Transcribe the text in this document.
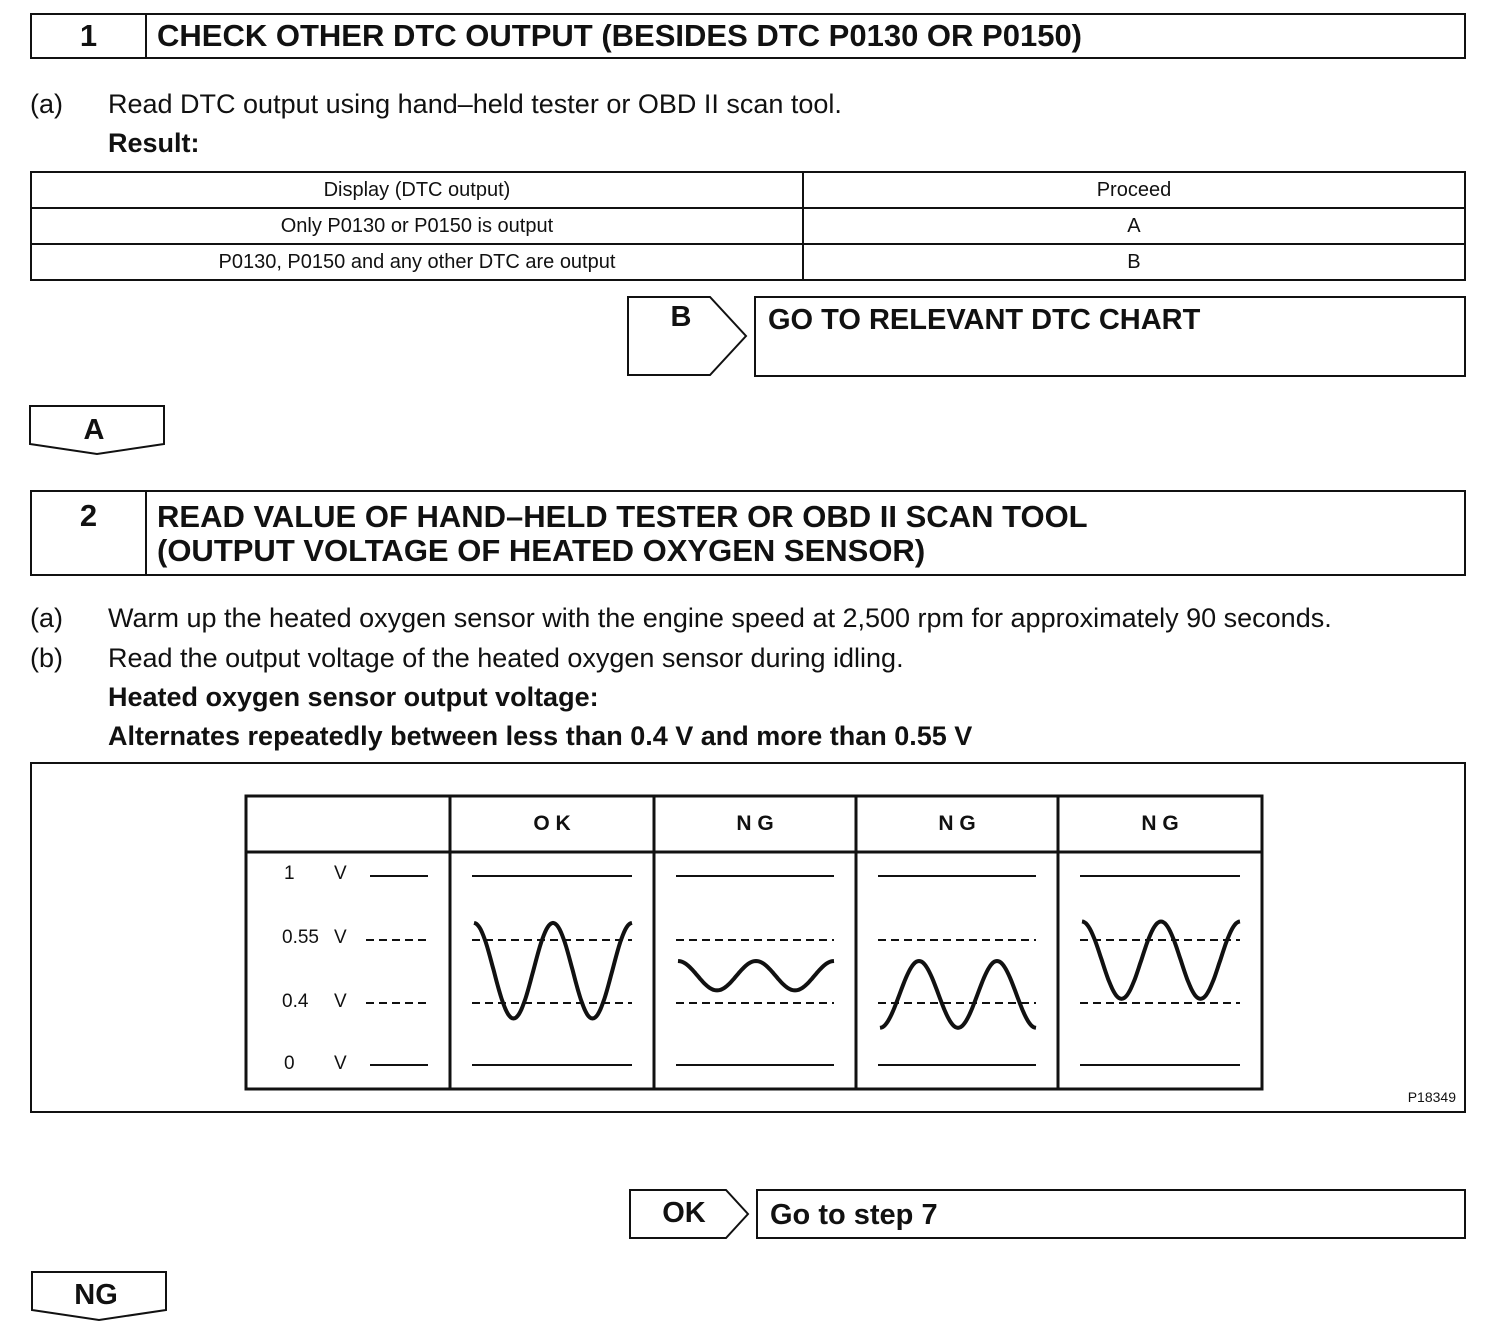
1	CHECK OTHER DTC OUTPUT (BESIDES DTC P0130 OR P0150)
(a) Read DTC output using hand–held tester or OBD II scan tool.
Result:
Display (DTC output)	Proceed
Only P0130 or P0150 is output	A
P0130, P0150 and any other DTC are output	B
B	GO TO RELEVANT DTC CHART
A
2	READ VALUE OF HAND–HELD TESTER OR OBD II SCAN TOOL
(OUTPUT VOLTAGE OF HEATED OXYGEN SENSOR)
(a) Warm up the heated oxygen sensor with the engine speed at 2,500 rpm for approximately 90 seconds.
(b) Read the output voltage of the heated oxygen sensor during idling.
Heated oxygen sensor output voltage:
Alternates repeatedly between less than 0.4 V and more than 0.55 V
O K	N G	N G	N G
1 V
0.55 V
0.4 V
0 V
P18349
OK	Go to step 7
NG
